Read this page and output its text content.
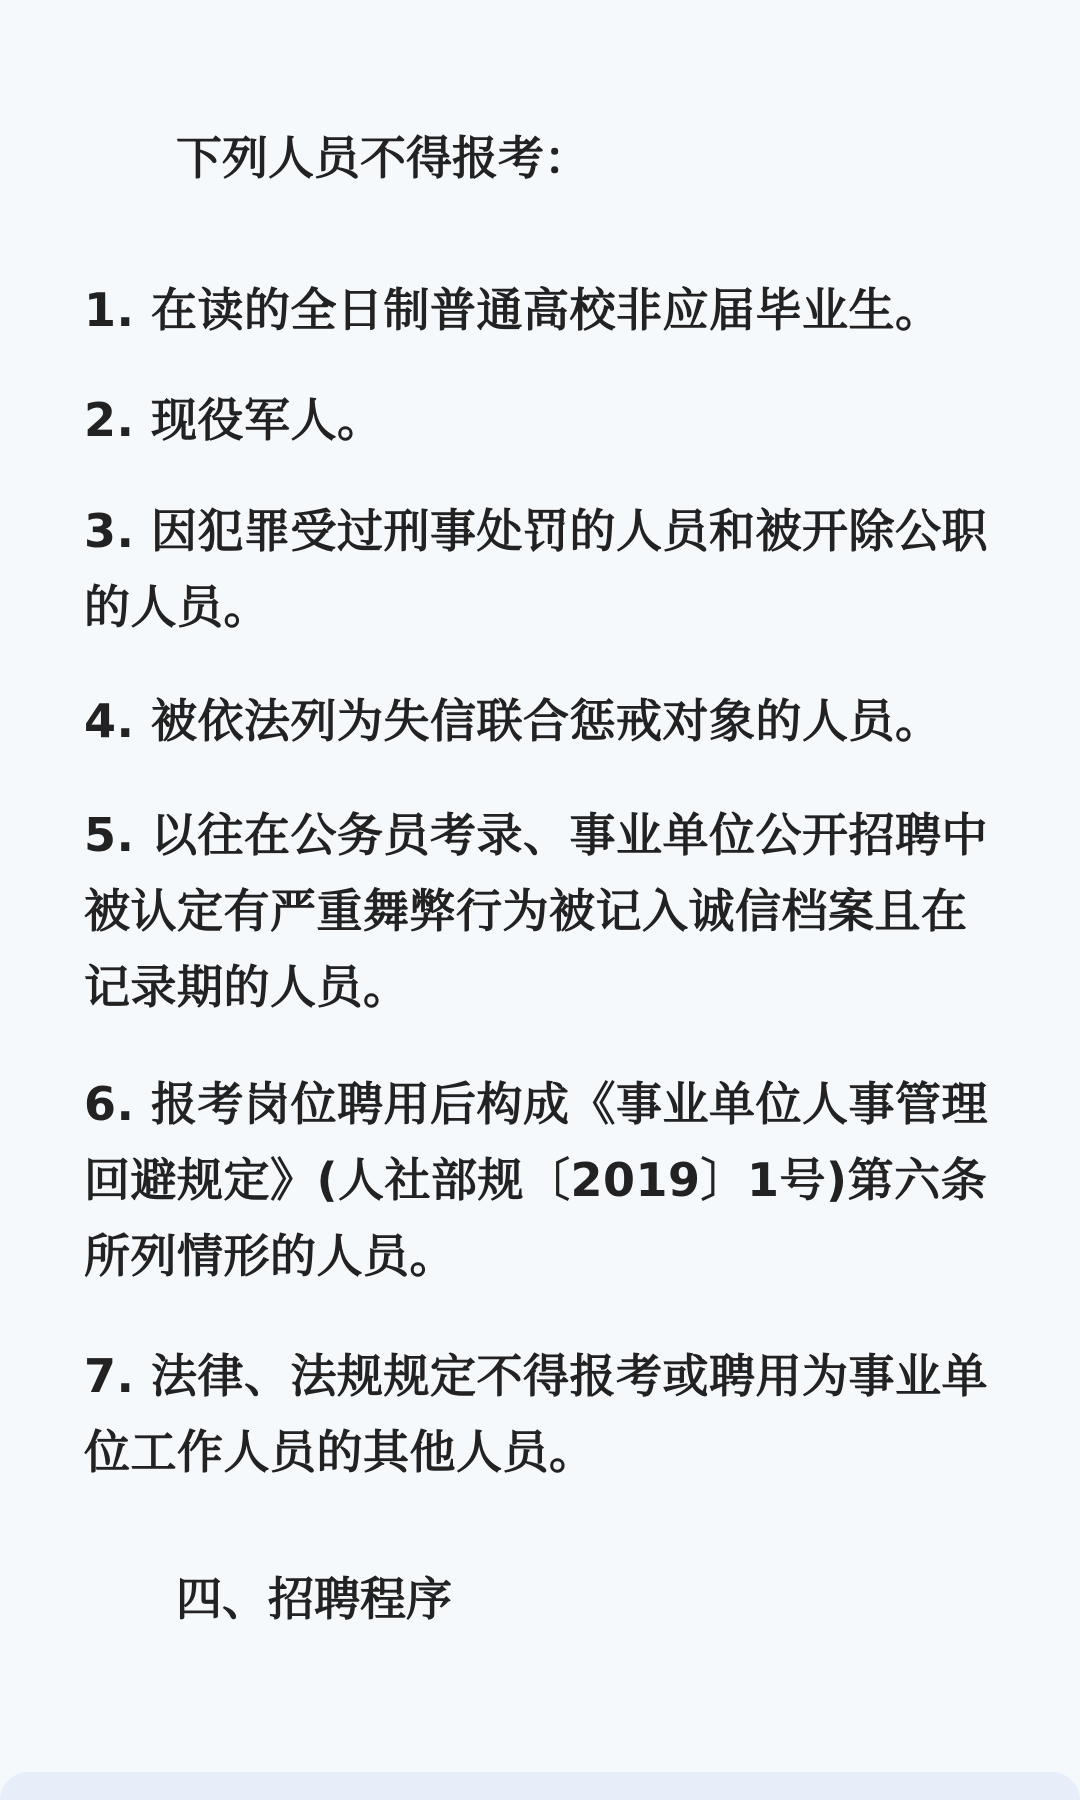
下列人员不得报考：

1. 在读的全日制普通高校非应届毕业生。

2. 现役军人。

3. 因犯罪受过刑事处罚的人员和被开除公职的人员。

4. 被依法列为失信联合惩戒对象的人员。

5. 以往在公务员考录、事业单位公开招聘中被认定有严重舞弊行为被记入诚信档案且在记录期的人员。

6. 报考岗位聘用后构成《事业单位人事管理回避规定》(人社部规〔2019〕1号)第六条所列情形的人员。

7. 法律、法规规定不得报考或聘用为事业单位工作人员的其他人员。

四、招聘程序
